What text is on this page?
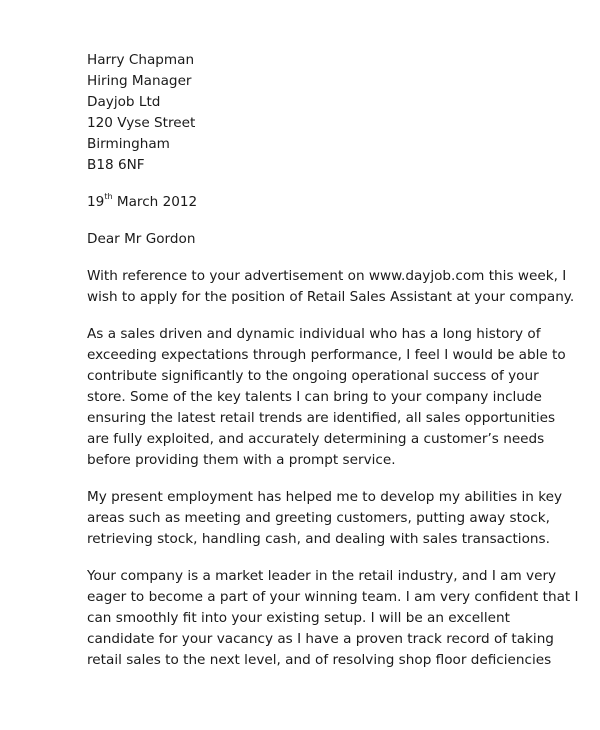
Harry Chapman
Hiring Manager
Dayjob Ltd
120 Vyse Street
Birmingham
B18 6NF
19th March 2012
Dear Mr Gordon
With reference to your advertisement on www.dayjob.com this week, I
wish to apply for the position of Retail Sales Assistant at your company.
As a sales driven and dynamic individual who has a long history of
exceeding expectations through performance, I feel I would be able to
contribute significantly to the ongoing operational success of your
store. Some of the key talents I can bring to your company include
ensuring the latest retail trends are identified, all sales opportunities
are fully exploited, and accurately determining a customer’s needs
before providing them with a prompt service.
My present employment has helped me to develop my abilities in key
areas such as meeting and greeting customers, putting away stock,
retrieving stock, handling cash, and dealing with sales transactions.
Your company is a market leader in the retail industry, and I am very
eager to become a part of your winning team. I am very confident that I
can smoothly fit into your existing setup. I will be an excellent
candidate for your vacancy as I have a proven track record of taking
retail sales to the next level, and of resolving shop floor deficiencies
